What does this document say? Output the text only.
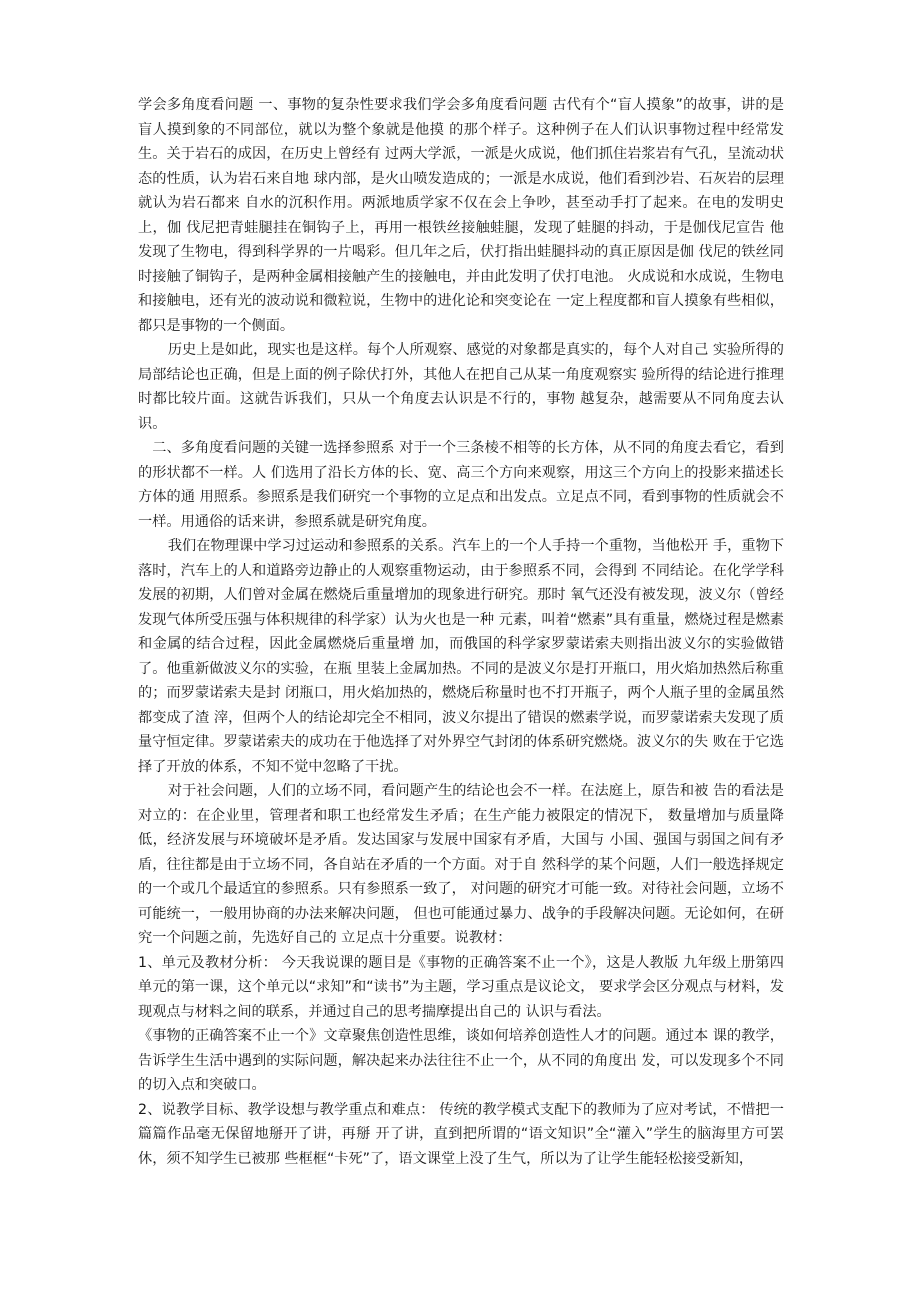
学会多角度看问题 一、事物的复杂性要求我们学会多角度看问题 古代有个“盲人摸象”的故事，讲的是盲人摸到象的不同部位，就以为整个象就是他摸 的那个样子。这种例子在人们认识事物过程中经常发生。关于岩石的成因，在历史上曾经有 过两大学派，一派是火成说，他们抓住岩浆岩有气孔，呈流动状态的性质，认为岩石来自地 球内部，是火山喷发造成的；一派是水成说，他们看到沙岩、石灰岩的层理就认为岩石都来 自水的沉积作用。两派地质学家不仅在会上争吵，甚至动手打了起来。在电的发明史上，伽 伐尼把青蛙腿挂在铜钩子上，再用一根铁丝接触蛙腿，发现了蛙腿的抖动，于是伽伐尼宣告 他发现了生物电，得到科学界的一片喝彩。但几年之后，伏打指出蛙腿抖动的真正原因是伽 伐尼的铁丝同时接触了铜钩子，是两种金属相接触产生的接触电，并由此发明了伏打电池。 火成说和水成说，生物电和接触电，还有光的波动说和微粒说，生物中的进化论和突变论在 一定上程度都和盲人摸象有些相似，都只是事物的一个侧面。

历史上是如此，现实也是这样。每个人所观察、感觉的对象都是真实的，每个人对自己 实验所得的局部结论也正确，但是上面的例子除伏打外，其他人在把自己从某一角度观察实 验所得的结论进行推理时都比较片面。这就告诉我们，只从一个角度去认识是不行的，事物 越复杂，越需要从不同角度去认识。

二、多角度看问题的关键一选择参照系 对于一个三条棱不相等的长方体，从不同的角度去看它，看到的形状都不一样。人 们选用了沿长方体的长、宽、高三个方向来观察，用这三个方向上的投影来描述长方体的通 用照系。参照系是我们研究一个事物的立足点和出发点。立足点不同，看到事物的性质就会不一样。用通俗的话来讲，参照系就是研究角度。

我们在物理课中学习过运动和参照系的关系。汽车上的一个人手持一个重物，当他松开 手，重物下落时，汽车上的人和道路旁边静止的人观察重物运动，由于参照系不同，会得到 不同结论。在化学学科发展的初期，人们曾对金属在燃烧后重量增加的现象进行研究。那时 氧气还没有被发现，波义尔（曾经发现气体所受压强与体积规律的科学家）认为火也是一种 元素，叫着“燃素”具有重量，燃烧过程是燃素和金属的结合过程，因此金属燃烧后重量增 加，而俄国的科学家罗蒙诺索夫则指出波义尔的实验做错了。他重新做波义尔的实验，在瓶 里装上金属加热。不同的是波义尔是打开瓶口，用火焰加热然后称重的；而罗蒙诺索夫是封 闭瓶口，用火焰加热的，燃烧后称量时也不打开瓶子，两个人瓶子里的金属虽然都变成了渣 滓，但两个人的结论却完全不相同，波义尔提出了错误的燃素学说，而罗蒙诺索夫发现了质 量守恒定律。罗蒙诺索夫的成功在于他选择了对外界空气封闭的体系研究燃烧。波义尔的失 败在于它选择了开放的体系，不知不觉中忽略了干扰。

对于社会问题，人们的立场不同，看问题产生的结论也会不一样。在法庭上，原告和被 告的看法是对立的：在企业里，管理者和职工也经常发生矛盾；在生产能力被限定的情况下， 数量增加与质量降低，经济发展与环境破坏是矛盾。发达国家与发展中国家有矛盾，大国与 小国、强国与弱国之间有矛盾，往往都是由于立场不同，各自站在矛盾的一个方面。对于自 然科学的某个问题，人们一般选择规定的一个或几个最适宜的参照系。只有参照系一致了， 对问题的研究才可能一致。对待社会问题，立场不可能统一，一般用协商的办法来解决问题， 但也可能通过暴力、战争的手段解决问题。无论如何，在研究一个问题之前，先选好自己的 立足点十分重要。说教材：

1、单元及教材分析： 今天我说课的题目是《事物的正确答案不止一个》，这是人教版 九年级上册第四单元的第一课，这个单元以“求知”和“读书”为主题，学习重点是议论文， 要求学会区分观点与材料，发现观点与材料之间的联系，并通过自己的思考揣摩提出自己的 认识与看法。

《事物的正确答案不止一个》文章聚焦创造性思维，谈如何培养创造性人才的问题。通过本 课的教学，告诉学生生活中遇到的实际问题，解决起来办法往往不止一个，从不同的角度出 发，可以发现多个不同的切入点和突破口。

2、说教学目标、教学设想与教学重点和难点： 传统的教学模式支配下的教师为了应对考试，不惜把一篇篇作品毫无保留地掰开了讲，再掰 开了讲，直到把所谓的“语文知识”全“灌入”学生的脑海里方可罢休，须不知学生已被那 些框框“卡死”了，语文课堂上没了生气，所以为了让学生能轻松接受新知，
